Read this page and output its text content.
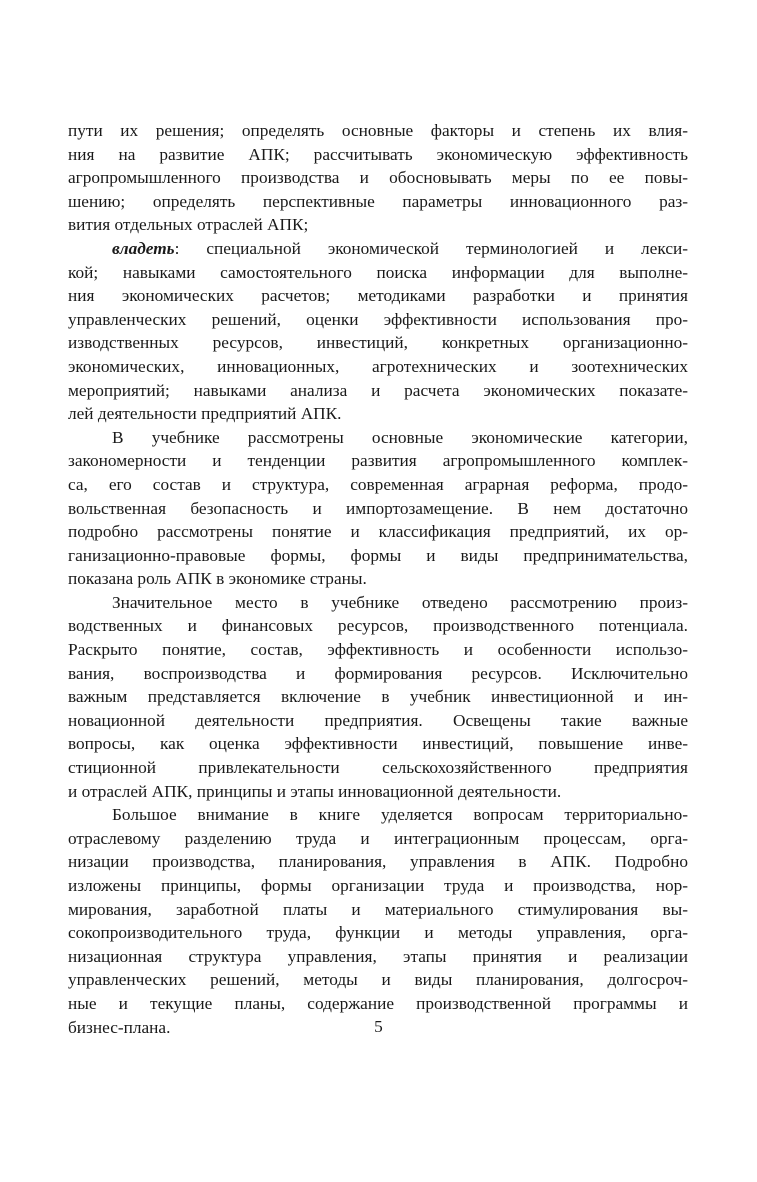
пути их решения; определять основные факторы и степень их влия-
ния на развитие АПК; рассчитывать экономическую эффективность
агропромышленного производства и обосновывать меры по ее повы-
шению; определять перспективные параметры инновационного раз-
вития отдельных отраслей АПК;
владеть: специальной экономической терминологией и лекси-
кой; навыками самостоятельного поиска информации для выполне-
ния экономических расчетов; методиками разработки и принятия
управленческих решений, оценки эффективности использования про-
изводственных ресурсов, инвестиций, конкретных организационно-
экономических, инновационных, агротехнических и зоотехнических
мероприятий; навыками анализа и расчета экономических показате-
лей деятельности предприятий АПК.
В учебнике рассмотрены основные экономические категории,
закономерности и тенденции развития агропромышленного комплек-
са, его состав и структура, современная аграрная реформа, продо-
вольственная безопасность и импортозамещение. В нем достаточно
подробно рассмотрены понятие и классификация предприятий, их ор-
ганизационно-правовые формы, формы и виды предпринимательства,
показана роль АПК в экономике страны.
Значительное место в учебнике отведено рассмотрению произ-
водственных и финансовых ресурсов, производственного потенциала.
Раскрыто понятие, состав, эффективность и особенности использо-
вания, воспроизводства и формирования ресурсов. Исключительно
важным представляется включение в учебник инвестиционной и ин-
новационной деятельности предприятия. Освещены такие важные
вопросы, как оценка эффективности инвестиций, повышение инве-
стиционной привлекательности сельскохозяйственного предприятия
и отраслей АПК, принципы и этапы инновационной деятельности.
Большое внимание в книге уделяется вопросам территориально-
отраслевому разделению труда и интеграционным процессам, орга-
низации производства, планирования, управления в АПК. Подробно
изложены принципы, формы организации труда и производства, нор-
мирования, заработной платы и материального стимулирования вы-
сокопроизводительного труда, функции и методы управления, орга-
низационная структура управления, этапы принятия и реализации
управленческих решений, методы и виды планирования, долгосроч-
ные и текущие планы, содержание производственной программы и
бизнес-плана.	5
